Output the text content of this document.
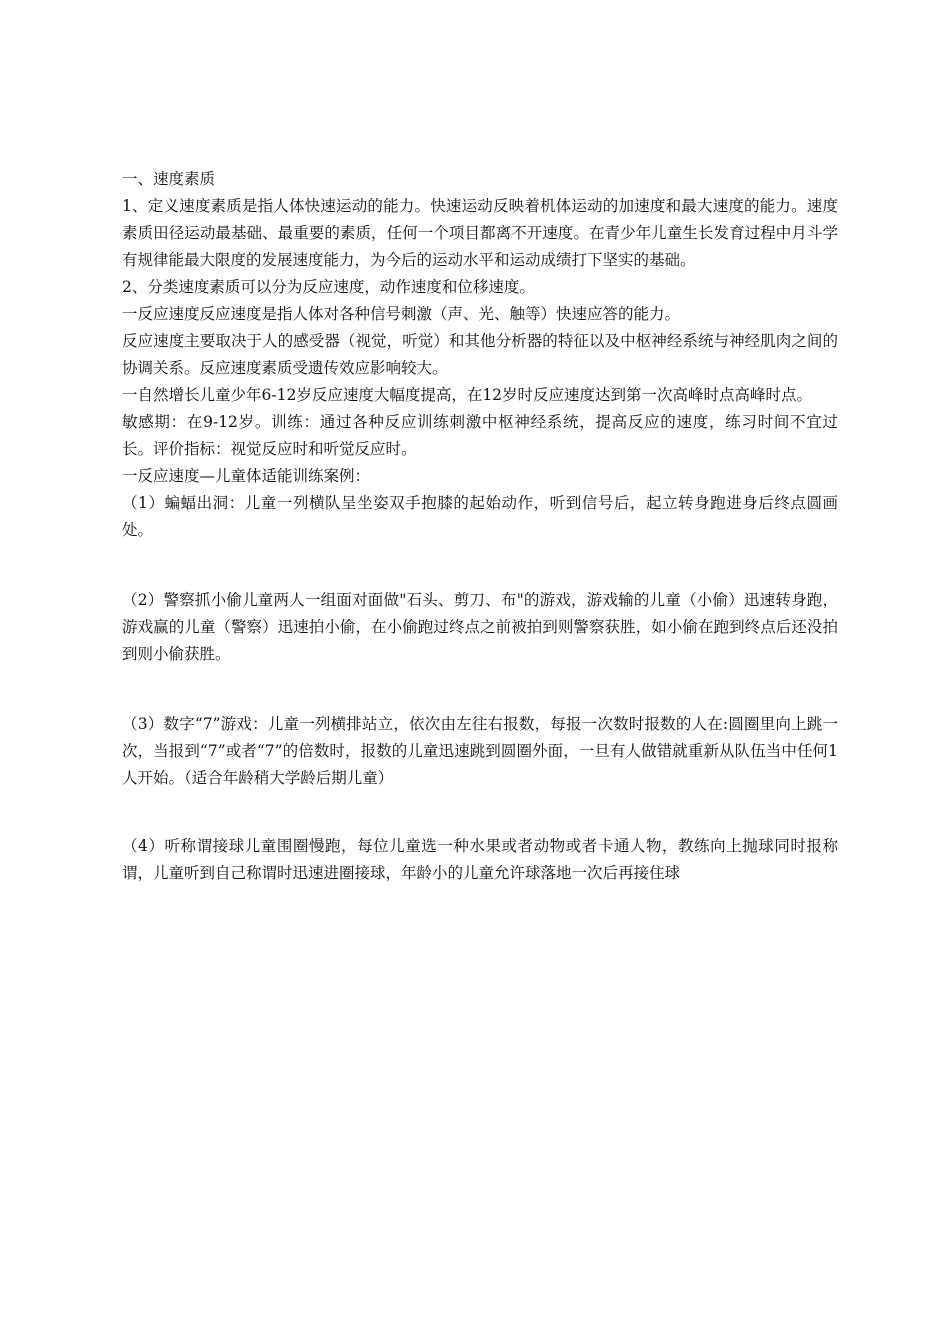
一、速度素质

1、定义速度素质是指人体快速运动的能力。快速运动反映着机体运动的加速度和最大速度的能力。速度素质田径运动最基础、最重要的素质，任何一个项目都离不开速度。在青少年儿童生长发育过程中月斗学有规律能最大限度的发展速度能力，为今后的运动水平和运动成绩打下坚实的基础。

2、分类速度素质可以分为反应速度，动作速度和位移速度。

一反应速度反应速度是指人体对各种信号刺激（声、光、触等）快速应答的能力。

反应速度主要取决于人的感受器（视觉，听觉）和其他分析器的特征以及中枢神经系统与神经肌肉之间的协调关系。反应速度素质受遗传效应影响较大。

一自然增长儿童少年6-12岁反应速度大幅度提高，在12岁时反应速度达到第一次高峰时点高峰时点。

敏感期：在9-12岁。训练：通过各种反应训练刺激中枢神经系统，提高反应的速度，练习时间不宜过长。评价指标：视觉反应时和听觉反应时。

一反应速度—儿童体适能训练案例：

（1）蝙蝠出洞：儿童一列横队呈坐姿双手抱膝的起始动作，听到信号后，起立转身跑进身后终点圆画处。

（2）警察抓小偷儿童两人一组面对面做"石头、剪刀、布"的游戏，游戏输的儿童（小偷）迅速转身跑，游戏赢的儿童（警察）迅速拍小偷，在小偷跑过终点之前被拍到则警察获胜，如小偷在跑到终点后还没拍到则小偷获胜。

（3）数字“7”游戏：儿童一列横排站立，依次由左往右报数，每报一次数时报数的人在:圆圈里向上跳一次，当报到“7”或者“7”的倍数时，报数的儿童迅速跳到圆圈外面，一旦有人做错就重新从队伍当中任何1人开始。（适合年龄稍大学龄后期儿童）

（4）听称谓接球儿童围圈慢跑，每位儿童选一种水果或者动物或者卡通人物，教练向上抛球同时报称谓，儿童听到自己称谓时迅速进圈接球，年龄小的儿童允许球落地一次后再接住球
